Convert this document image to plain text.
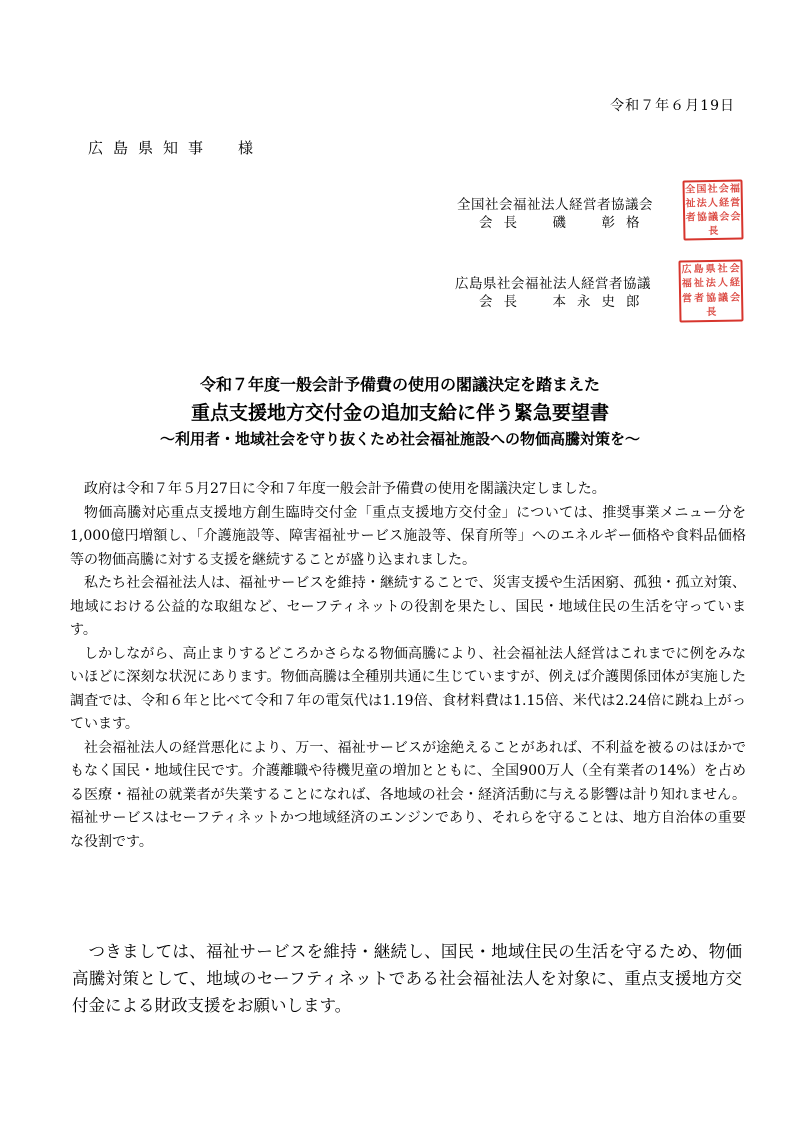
令和７年６月19日
広島県知事　様
全国社会福祉法人経営者協議会
会長　磯　彰格
全 国 社 会 福
祉 法 人 経 営
者 協 議 会 会
長
広島県社会福祉法人経営者協議
会長　本永史郎
広 島 県 社 会
福 祉 法 人 経
営 者 協 議 会
長
令和７年度一般会計予備費の使用の閣議決定を踏まえた
重点支援地方交付金の追加支給に伴う緊急要望書
～利用者・地域社会を守り抜くため社会福祉施設への物価高騰対策を～

政府は令和７年５月27日に令和７年度一般会計予備費の使用を閣議決定しました。

物価高騰対応重点支援地方創生臨時交付金「重点支援地方交付金」については、推奨事業メニュー分を1,000億円増額し、「介護施設等、障害福祉サービス施設等、保育所等」へのエネルギー価格や食料品価格等の物価高騰に対する支援を継続することが盛り込まれました。

私たち社会福祉法人は、福祉サービスを維持・継続することで、災害支援や生活困窮、孤独・孤立対策、地域における公益的な取組など、セーフティネットの役割を果たし、国民・地域住民の生活を守っています。

しかしながら、高止まりするどころかさらなる物価高騰により、社会福祉法人経営はこれまでに例をみないほどに深刻な状況にあります。物価高騰は全種別共通に生じていますが、例えば介護関係団体が実施した調査では、令和６年と比べて令和７年の電気代は1.19倍、食材料費は1.15倍、米代は2.24倍に跳ね上がっています。

社会福祉法人の経営悪化により、万一、福祉サービスが途絶えることがあれば、不利益を被るのはほかでもなく国民・地域住民です。介護離職や待機児童の増加とともに、全国900万人（全有業者の14%）を占める医療・福祉の就業者が失業することになれば、各地域の社会・経済活動に与える影響は計り知れません。福祉サービスはセーフティネットかつ地域経済のエンジンであり、それらを守ることは、地方自治体の重要な役割です。

つきましては、福祉サービスを維持・継続し、国民・地域住民の生活を守るため、物価高騰対策として、地域のセーフティネットである社会福祉法人を対象に、重点支援地方交付金による財政支援をお願いします。
